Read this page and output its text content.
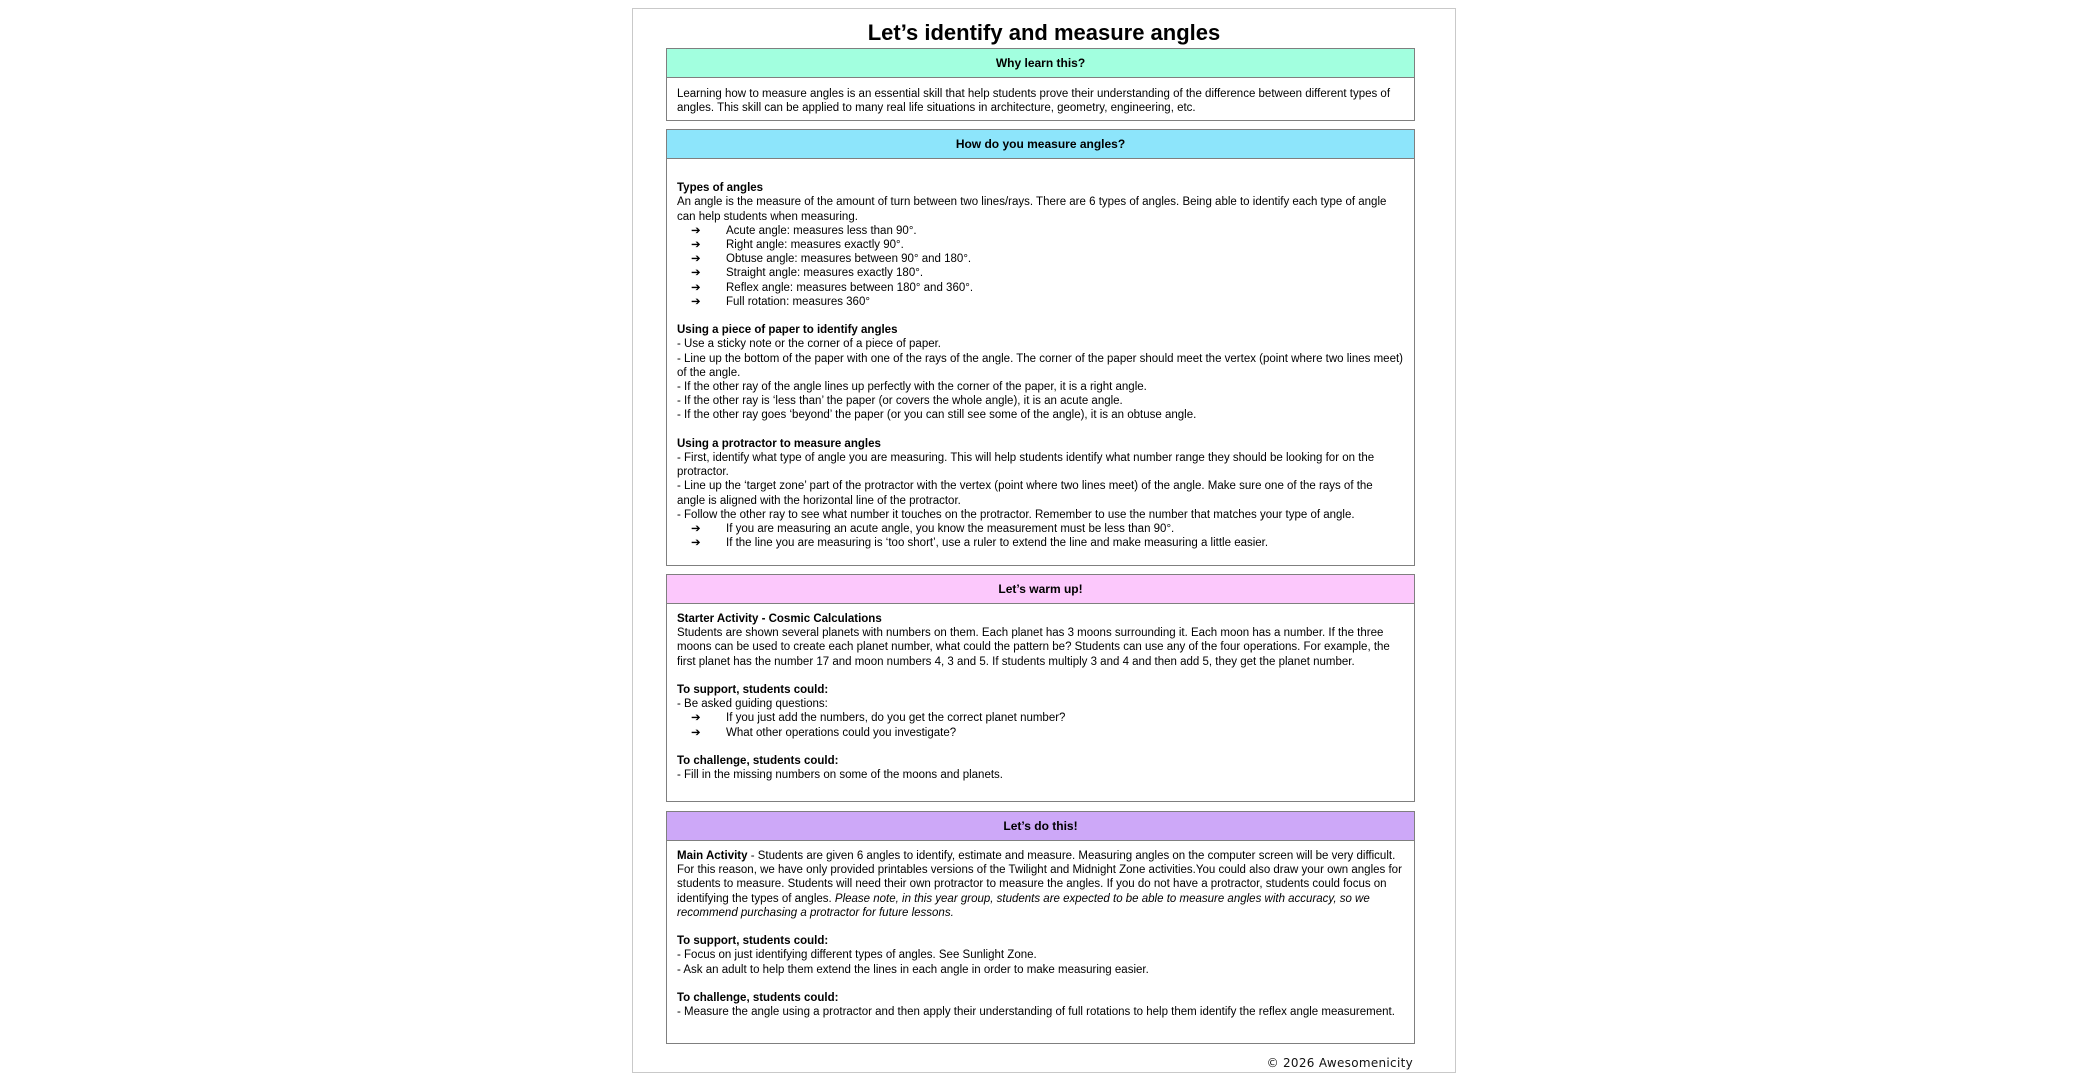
Let’s identify and measure angles
Why learn this?
Learning how to measure angles is an essential skill that help students prove their understanding of the difference between different types of angles. This skill can be applied to many real life situations in architecture, geometry, engineering, etc.
How do you measure angles?
Types of angles
An angle is the measure of the amount of turn between two lines/rays. There are 6 types of angles. Being able to identify each type of angle can help students when measuring.
➔	Acute angle: measures less than 90°.
➔	Right angle: measures exactly 90°.
➔	Obtuse angle: measures between 90° and 180°.
➔	Straight angle: measures exactly 180°.
➔	Reflex angle: measures between 180° and 360°.
➔	Full rotation: measures 360°
Using a piece of paper to identify angles
- Use a sticky note or the corner of a piece of paper.
- Line up the bottom of the paper with one of the rays of the angle. The corner of the paper should meet the vertex (point where two lines meet) of the angle.
- If the other ray of the angle lines up perfectly with the corner of the paper, it is a right angle.
- If the other ray is ‘less than’ the paper (or covers the whole angle), it is an acute angle.
- If the other ray goes ‘beyond’ the paper (or you can still see some of the angle), it is an obtuse angle.
Using a protractor to measure angles
- First, identify what type of angle you are measuring. This will help students identify what number range they should be looking for on the protractor.
- Line up the ‘target zone’ part of the protractor with the vertex (point where two lines meet) of the angle. Make sure one of the rays of the angle is aligned with the horizontal line of the protractor.
- Follow the other ray to see what number it touches on the protractor. Remember to use the number that matches your type of angle.
➔	If you are measuring an acute angle, you know the measurement must be less than 90°.
➔	If the line you are measuring is ‘too short’, use a ruler to extend the line and make measuring a little easier.
Let’s warm up!
Starter Activity - Cosmic Calculations
Students are shown several planets with numbers on them. Each planet has 3 moons surrounding it. Each moon has a number. If the three moons can be used to create each planet number, what could the pattern be? Students can use any of the four operations. For example, the first planet has the number 17 and moon numbers 4, 3 and 5. If students multiply 3 and 4 and then add 5, they get the planet number.
To support, students could:
- Be asked guiding questions:
➔	If you just add the numbers, do you get the correct planet number?
➔	What other operations could you investigate?
To challenge, students could:
- Fill in the missing numbers on some of the moons and planets.
Let’s do this!
Main Activity - Students are given 6 angles to identify, estimate and measure. Measuring angles on the computer screen will be very difficult. For this reason, we have only provided printables versions of the Twilight and Midnight Zone activities.You could also draw your own angles for students to measure. Students will need their own protractor to measure the angles. If you do not have a protractor, students could focus on identifying the types of angles. Please note, in this year group, students are expected to be able to measure angles with accuracy, so we recommend purchasing a protractor for future lessons.
To support, students could:
- Focus on just identifying different types of angles. See Sunlight Zone.
- Ask an adult to help them extend the lines in each angle in order to make measuring easier.
To challenge, students could:
- Measure the angle using a protractor and then apply their understanding of full rotations to help them identify the reflex angle measurement.
© 2026 Awesomenicity
